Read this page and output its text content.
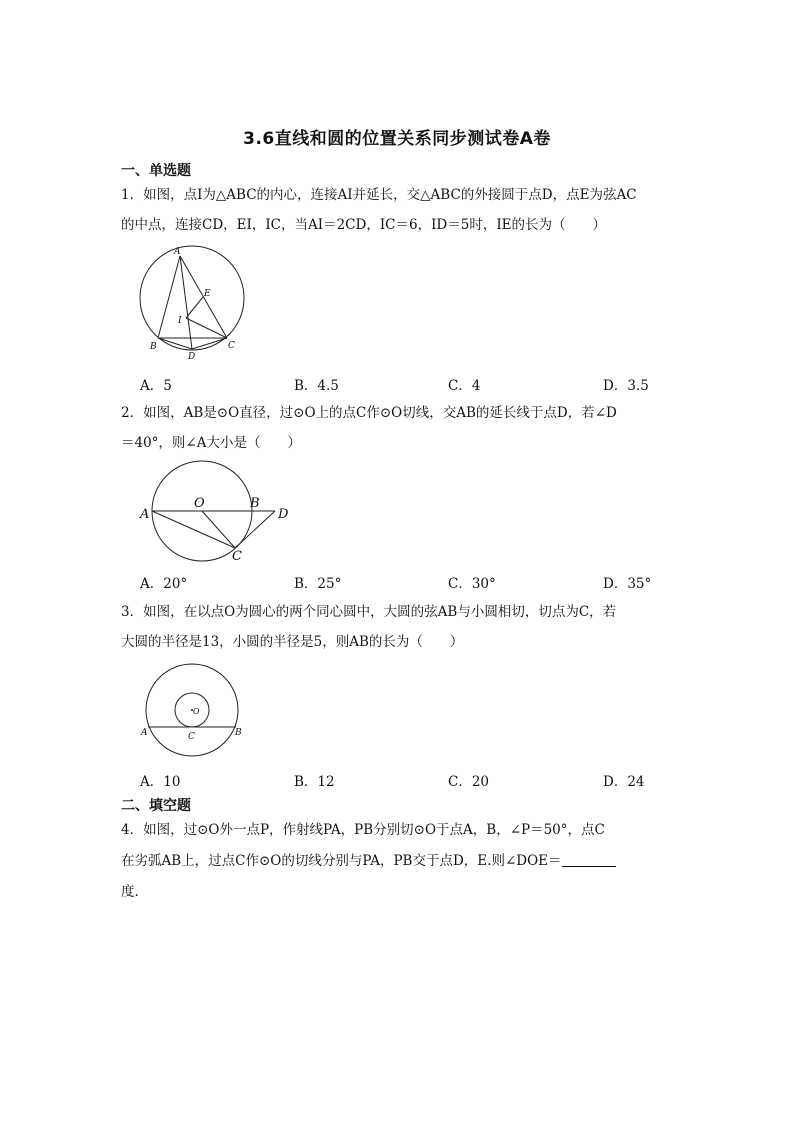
3.6直线和圆的位置关系同步测试卷A卷
一、单选题
1．如图，点I为△ABC的内心，连接AI并延长，交△ABC的外接圆于点D，点E为弦AC
的中点，连接CD，EI，IC，当AI＝2CD，IC＝6，ID＝5时，IE的长为（　　）
A
E
I
B
D
C
A．5	B．4.5	C．4	D．3.5
2．如图，AB是⊙O直径，过⊙O上的点C作⊙O切线，交AB的延长线于点D，若∠D
＝40°，则∠A大小是（　　）
A
O	B
D
C
A．20°	B．25°	C．30°	D．35°
3．如图，在以点O为圆心的两个同心圆中，大圆的弦AB与小圆相切，切点为C，若
大圆的半径是13，小圆的半径是5，则AB的长为（　　）
O
A	C	B
A．10	B．12	C．20	D．24
二、填空题
4．如图，过⊙O外一点P，作射线PA，PB分别切⊙O于点A，B，∠P＝50°，点C
在劣弧AB上，过点C作⊙O的切线分别与PA，PB交于点D，E.则∠DOE＝
度.
